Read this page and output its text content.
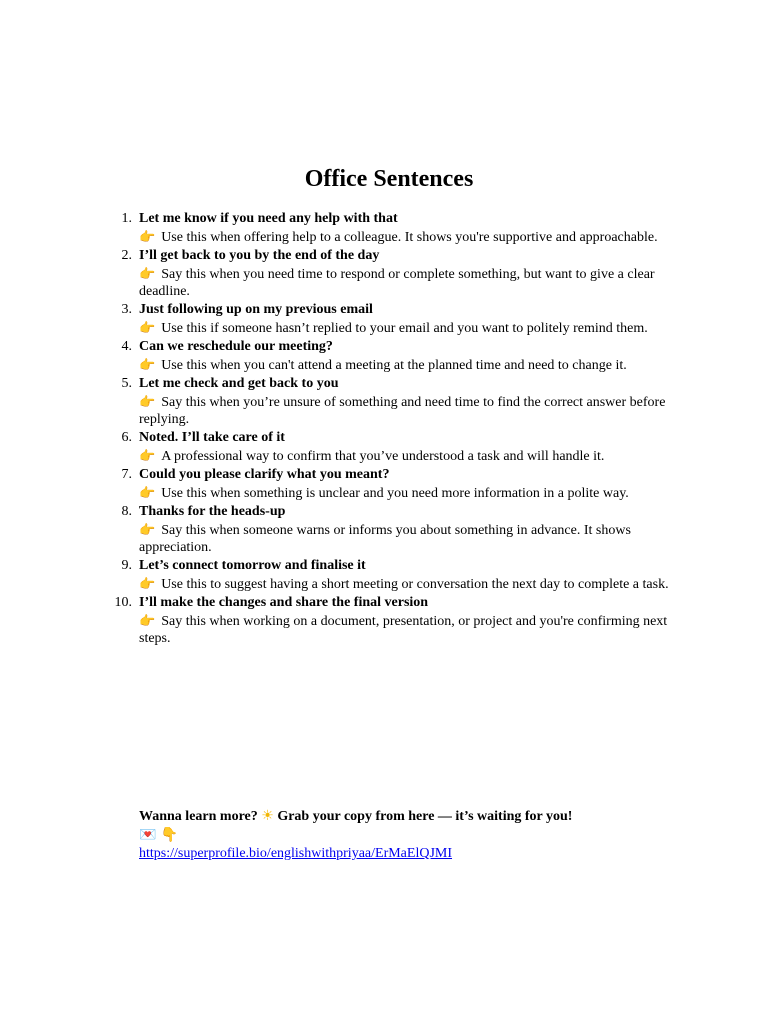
Office Sentences
1. Let me know if you need any help with that
👉 Use this when offering help to a colleague. It shows you're supportive and approachable.
2. I’ll get back to you by the end of the day
👉 Say this when you need time to respond or complete something, but want to give a clear deadline.
3. Just following up on my previous email
👉 Use this if someone hasn’t replied to your email and you want to politely remind them.
4. Can we reschedule our meeting?
👉 Use this when you can't attend a meeting at the planned time and need to change it.
5. Let me check and get back to you
👉 Say this when you’re unsure of something and need time to find the correct answer before replying.
6. Noted. I’ll take care of it
👉 A professional way to confirm that you’ve understood a task and will handle it.
7. Could you please clarify what you meant?
👉 Use this when something is unclear and you need more information in a polite way.
8. Thanks for the heads-up
👉 Say this when someone warns or informs you about something in advance. It shows appreciation.
9. Let’s connect tomorrow and finalise it
👉 Use this to suggest having a short meeting or conversation the next day to complete a task.
10. I’ll make the changes and share the final version
👉 Say this when working on a document, presentation, or project and you're confirming next steps.
Wanna learn more? ☀ Grab your copy from here — it’s waiting for you!
💌 👇
https://superprofile.bio/englishwithpriyaa/ErMaElQJMI
